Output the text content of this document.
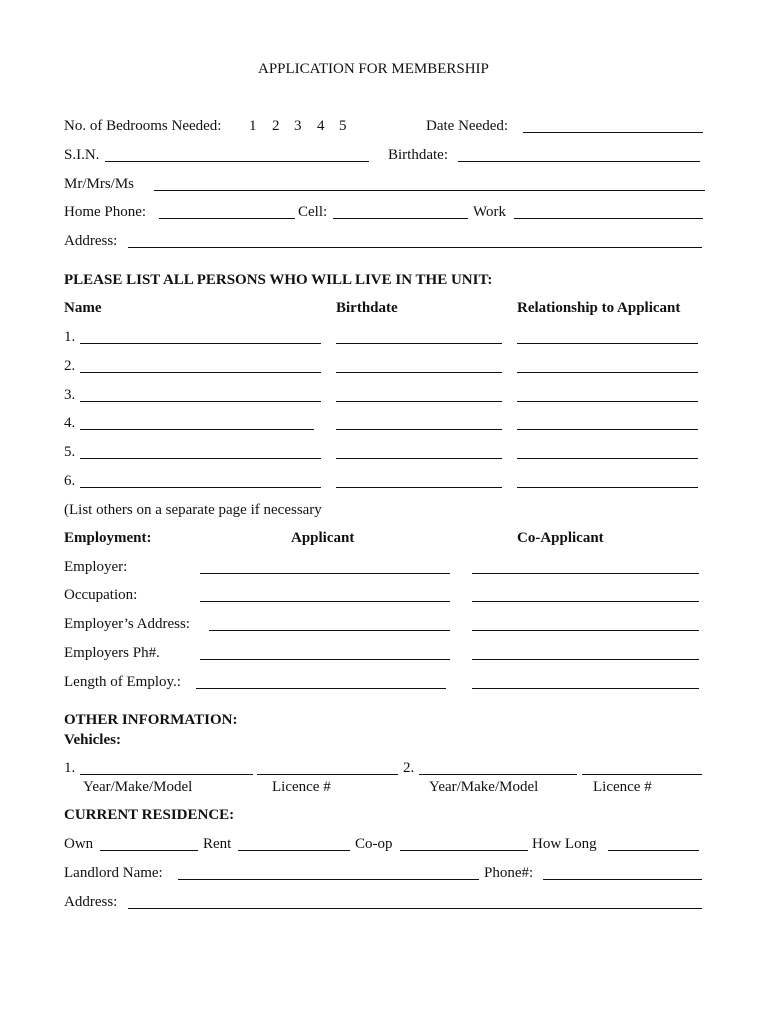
APPLICATION FOR MEMBERSHIP
No. of Bedrooms Needed: 1 2 3 4 5	Date Needed:
S.I.N.	Birthdate:
Mr/Mrs/Ms
Home Phone:	Cell:	Work
Address:
PLEASE LIST ALL PERSONS WHO WILL LIVE IN THE UNIT:
Name	Birthdate	Relationship to Applicant
1.
2.
3.
4.
5.
6.
(List others on a separate page if necessary
Employment:	Applicant	Co-Applicant
Employer:
Occupation:
Employer’s Address:
Employers Ph#.
Length of Employ.:
OTHER INFORMATION:
Vehicles:
1.	2.
Year/Make/Model	Licence #	Year/Make/Model	Licence #
CURRENT RESIDENCE:
Own	Rent	Co-op	How Long
Landlord Name:	Phone#:
Address:
